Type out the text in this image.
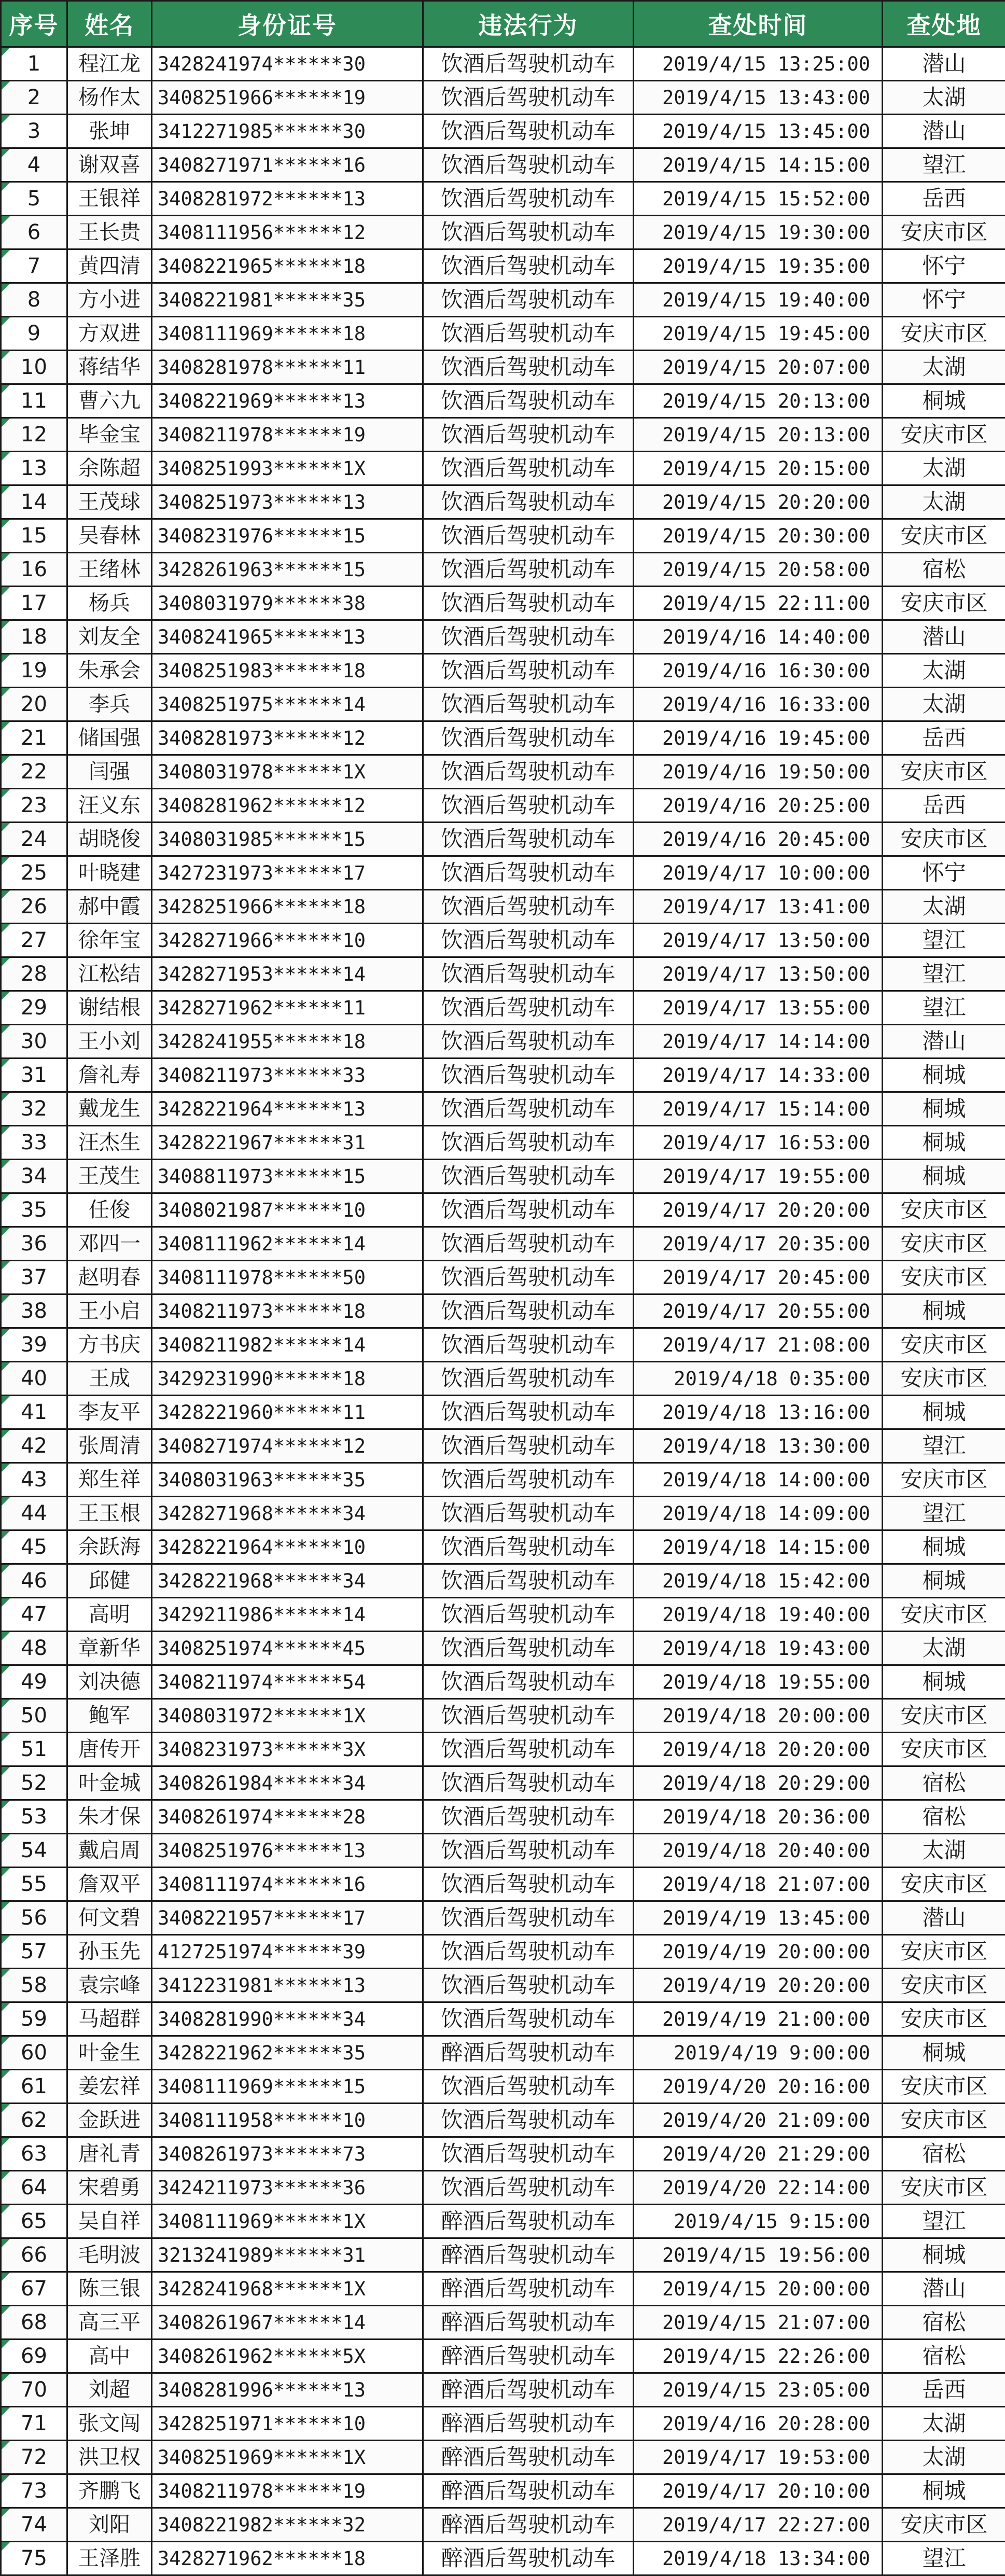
序号	姓名	身份证号	违法行为	查处时间	查处地
1	程江龙	3428241974******30	饮酒后驾驶机动车	2019/4/15 13:25:00	潜山
2	杨作太	3408251966******19	饮酒后驾驶机动车	2019/4/15 13:43:00	太湖
3	张坤	3412271985******30	饮酒后驾驶机动车	2019/4/15 13:45:00	潜山
4	谢双喜	3408271971******16	饮酒后驾驶机动车	2019/4/15 14:15:00	望江
5	王银祥	3408281972******13	饮酒后驾驶机动车	2019/4/15 15:52:00	岳西
6	王长贵	3408111956******12	饮酒后驾驶机动车	2019/4/15 19:30:00	安庆市区
7	黄四清	3408221965******18	饮酒后驾驶机动车	2019/4/15 19:35:00	怀宁
8	方小进	3408221981******35	饮酒后驾驶机动车	2019/4/15 19:40:00	怀宁
9	方双进	3408111969******18	饮酒后驾驶机动车	2019/4/15 19:45:00	安庆市区
10	蒋结华	3408281978******11	饮酒后驾驶机动车	2019/4/15 20:07:00	太湖
11	曹六九	3408221969******13	饮酒后驾驶机动车	2019/4/15 20:13:00	桐城
12	毕金宝	3408211978******19	饮酒后驾驶机动车	2019/4/15 20:13:00	安庆市区
13	余陈超	3408251993******1X	饮酒后驾驶机动车	2019/4/15 20:15:00	太湖
14	王茂球	3408251973******13	饮酒后驾驶机动车	2019/4/15 20:20:00	太湖
15	吴春林	3408231976******15	饮酒后驾驶机动车	2019/4/15 20:30:00	安庆市区
16	王绪林	3428261963******15	饮酒后驾驶机动车	2019/4/15 20:58:00	宿松
17	杨兵	3408031979******38	饮酒后驾驶机动车	2019/4/15 22:11:00	安庆市区
18	刘友全	3408241965******13	饮酒后驾驶机动车	2019/4/16 14:40:00	潜山
19	朱承会	3408251983******18	饮酒后驾驶机动车	2019/4/16 16:30:00	太湖
20	李兵	3408251975******14	饮酒后驾驶机动车	2019/4/16 16:33:00	太湖
21	储国强	3408281973******12	饮酒后驾驶机动车	2019/4/16 19:45:00	岳西
22	闫强	3408031978******1X	饮酒后驾驶机动车	2019/4/16 19:50:00	安庆市区
23	汪义东	3408281962******12	饮酒后驾驶机动车	2019/4/16 20:25:00	岳西
24	胡晓俊	3408031985******15	饮酒后驾驶机动车	2019/4/16 20:45:00	安庆市区
25	叶晓建	3427231973******17	饮酒后驾驶机动车	2019/4/17 10:00:00	怀宁
26	郝中霞	3428251966******18	饮酒后驾驶机动车	2019/4/17 13:41:00	太湖
27	徐年宝	3428271966******10	饮酒后驾驶机动车	2019/4/17 13:50:00	望江
28	江松结	3428271953******14	饮酒后驾驶机动车	2019/4/17 13:50:00	望江
29	谢结根	3428271962******11	饮酒后驾驶机动车	2019/4/17 13:55:00	望江
30	王小刘	3428241955******18	饮酒后驾驶机动车	2019/4/17 14:14:00	潜山
31	詹礼寿	3408211973******33	饮酒后驾驶机动车	2019/4/17 14:33:00	桐城
32	戴龙生	3428221964******13	饮酒后驾驶机动车	2019/4/17 15:14:00	桐城
33	汪杰生	3428221967******31	饮酒后驾驶机动车	2019/4/17 16:53:00	桐城
34	王茂生	3408811973******15	饮酒后驾驶机动车	2019/4/17 19:55:00	桐城
35	任俊	3408021987******10	饮酒后驾驶机动车	2019/4/17 20:20:00	安庆市区
36	邓四一	3408111962******14	饮酒后驾驶机动车	2019/4/17 20:35:00	安庆市区
37	赵明春	3408111978******50	饮酒后驾驶机动车	2019/4/17 20:45:00	安庆市区
38	王小启	3408211973******18	饮酒后驾驶机动车	2019/4/17 20:55:00	桐城
39	方书庆	3408211982******14	饮酒后驾驶机动车	2019/4/17 21:08:00	安庆市区
40	王成	3429231990******18	饮酒后驾驶机动车	2019/4/18 0:35:00	安庆市区
41	李友平	3428221960******11	饮酒后驾驶机动车	2019/4/18 13:16:00	桐城
42	张周清	3408271974******12	饮酒后驾驶机动车	2019/4/18 13:30:00	望江
43	郑生祥	3408031963******35	饮酒后驾驶机动车	2019/4/18 14:00:00	安庆市区
44	王玉根	3428271968******34	饮酒后驾驶机动车	2019/4/18 14:09:00	望江
45	余跃海	3428221964******10	饮酒后驾驶机动车	2019/4/18 14:15:00	桐城
46	邱健	3428221968******34	饮酒后驾驶机动车	2019/4/18 15:42:00	桐城
47	高明	3429211986******14	饮酒后驾驶机动车	2019/4/18 19:40:00	安庆市区
48	章新华	3408251974******45	饮酒后驾驶机动车	2019/4/18 19:43:00	太湖
49	刘决德	3408211974******54	饮酒后驾驶机动车	2019/4/18 19:55:00	桐城
50	鲍军	3408031972******1X	饮酒后驾驶机动车	2019/4/18 20:00:00	安庆市区
51	唐传开	3408231973******3X	饮酒后驾驶机动车	2019/4/18 20:20:00	安庆市区
52	叶金城	3408261984******34	饮酒后驾驶机动车	2019/4/18 20:29:00	宿松
53	朱才保	3408261974******28	饮酒后驾驶机动车	2019/4/18 20:36:00	宿松
54	戴启周	3408251976******13	饮酒后驾驶机动车	2019/4/18 20:40:00	太湖
55	詹双平	3408111974******16	饮酒后驾驶机动车	2019/4/18 21:07:00	安庆市区
56	何文碧	3408221957******17	饮酒后驾驶机动车	2019/4/19 13:45:00	潜山
57	孙玉先	4127251974******39	饮酒后驾驶机动车	2019/4/19 20:00:00	安庆市区
58	袁宗峰	3412231981******13	饮酒后驾驶机动车	2019/4/19 20:20:00	安庆市区
59	马超群	3408281990******34	饮酒后驾驶机动车	2019/4/19 21:00:00	安庆市区
60	叶金生	3428221962******35	醉酒后驾驶机动车	2019/4/19 9:00:00	桐城
61	姜宏祥	3408111969******15	饮酒后驾驶机动车	2019/4/20 20:16:00	安庆市区
62	金跃进	3408111958******10	饮酒后驾驶机动车	2019/4/20 21:09:00	安庆市区
63	唐礼青	3408261973******73	饮酒后驾驶机动车	2019/4/20 21:29:00	宿松
64	宋碧勇	3424211973******36	饮酒后驾驶机动车	2019/4/20 22:14:00	安庆市区
65	吴自祥	3408111969******1X	醉酒后驾驶机动车	2019/4/15 9:15:00	望江
66	毛明波	3213241989******31	醉酒后驾驶机动车	2019/4/15 19:56:00	桐城
67	陈三银	3428241968******1X	醉酒后驾驶机动车	2019/4/15 20:00:00	潜山
68	高三平	3408261967******14	醉酒后驾驶机动车	2019/4/15 21:07:00	宿松
69	高中	3408261962******5X	醉酒后驾驶机动车	2019/4/15 22:26:00	宿松
70	刘超	3408281996******13	醉酒后驾驶机动车	2019/4/15 23:05:00	岳西
71	张文闯	3428251971******10	醉酒后驾驶机动车	2019/4/16 20:28:00	太湖
72	洪卫权	3408251969******1X	醉酒后驾驶机动车	2019/4/17 19:53:00	太湖
73	齐鹏飞	3408211978******19	醉酒后驾驶机动车	2019/4/17 20:10:00	桐城
74	刘阳	3408221982******32	醉酒后驾驶机动车	2019/4/17 22:27:00	安庆市区
75	王泽胜	3428271962******18	醉酒后驾驶机动车	2019/4/18 13:34:00	望江
